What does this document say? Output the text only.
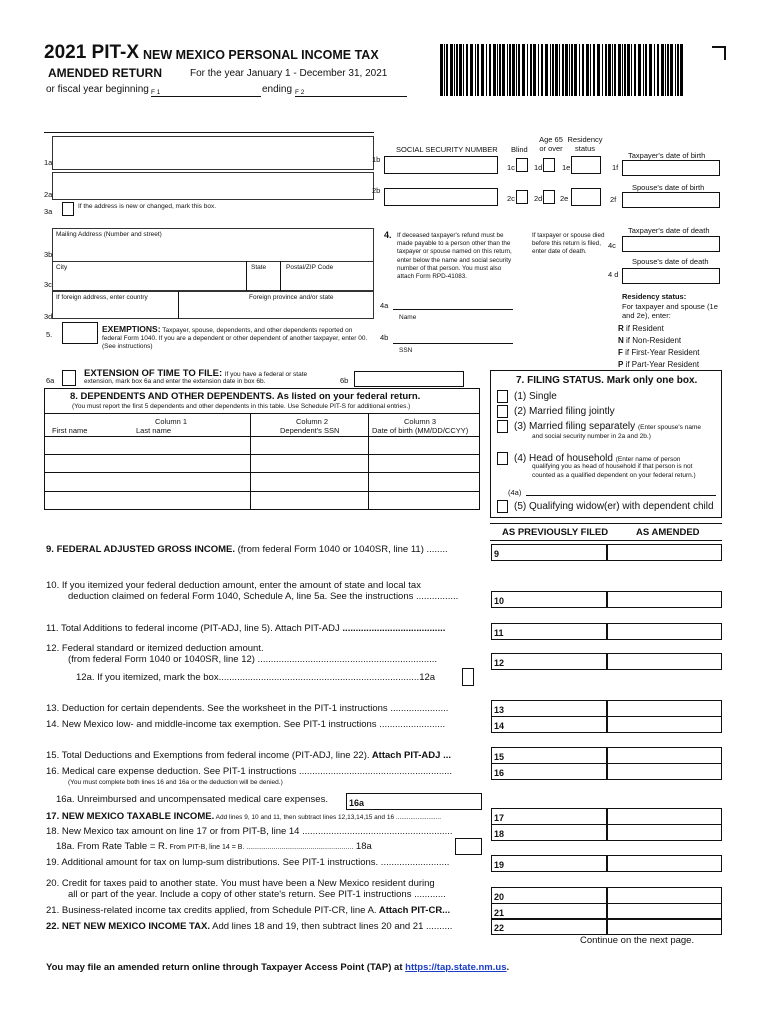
2021 PIT-X NEW MEXICO PERSONAL INCOME TAX
AMENDED RETURN	For the year January 1 - December 31, 2021
or fiscal year beginning F 1	ending F 2
1a	1b
SOCIAL SECURITY NUMBER Blind
Age 65 or over
Residency status
1c	1d	1e	1f
Taxpayer's date of birth
2a	2b
2c	2d 2e	2f
Spouse's date of birth
3a
If the address is new or changed, mark this box.
Mailing Address (Number and street)
3b
City	State	Postal/ZIP Code
3c
If foreign address, enter country	Foreign province and/or state
3d
5.
EXEMPTIONS: Taxpayer, spouse, dependents, and other dependents reported on federal Form 1040. If you are a dependent or other dependent of another taxpayer, enter 00. (See instructions)
4. If deceased taxpayer's refund must be made payable to a person other than the taxpayer or spouse named on this return, enter below the name and social security number of that person. You must also attach Form RPD-41083.
4a
Name
4b
SSN
If taxpayer or spouse died before this return is filed, enter date of death.
4c
Taxpayer's date of death
Spouse's date of death
4 d
Residency status:
For taxpayer and spouse (1e and 2e), enter:
R if Resident
N if Non-Resident
F if First-Year Resident
P if Part-Year Resident
6a
EXTENSION OF TIME TO FILE: If you have a federal or state
extension, mark box 6a and enter the extension date in box 6b.	6b
8. DEPENDENTS AND OTHER DEPENDENTS. As listed on your federal return.
(You must report the first 5 dependents and other dependents in this table. Use Schedule PIT-S for additional entries.)
Column 1
First name	Last name
Column 2
Dependent's SSN
Column 3
Date of birth (MM/DD/CCYY)
7. FILING STATUS. Mark only one box.
(1) Single
(2) Married filing jointly
(3) Married filing separately (Enter spouse's name
and social security number in 2a and 2b.)
(4) Head of household (Enter name of person
qualifying you as head of household if that person is not
counted as a qualified dependent on your federal return.)
(4a)
(5) Qualifying widow(er) with dependent child
AS PREVIOUSLY FILED	AS AMENDED
9. FEDERAL ADJUSTED GROSS INCOME. (from federal Form 1040 or 1040SR, line 11) ........	9
10. If you itemized your federal deduction amount, enter the amount of state and local tax
deduction claimed on federal Form 1040, Schedule A, line 5a. See the instructions ................	10
11. Total Additions to federal income (PIT-ADJ, line 5). Attach PIT-ADJ .......................................	11
12. Federal standard or itemized deduction amount.
(from federal Form 1040 or 1040SR, line 12) ....................................................................	12
12a. If you itemized, mark the box............................................................................12a
13. Deduction for certain dependents. See the worksheet in the PIT-1 instructions ......................	13
14. New Mexico low- and middle-income tax exemption. See PIT-1 instructions .........................	14
15. Total Deductions and Exemptions from federal income (PIT-ADJ, line 22). Attach PIT-ADJ ...	15
16. Medical care expense deduction. See PIT-1 instructions ..........................................................	16
(You must complete both lines 16 and 16a or the deduction will be denied.)
16a. Unreimbursed and uncompensated medical care expenses. 16a
17. NEW MEXICO TAXABLE INCOME. Add lines 9, 10 and 11, then subtract lines 12,13,14,15 and 16 .........................	17
18. New Mexico tax amount on line 17 or from PIT-B, line 14 .........................................................	18
18a. From Rate Table = R. From PIT-B, line 14 = B. ....................................................... 18a
19. Additional amount for tax on lump-sum distributions. See PIT-1 instructions. ..........................	19
20. Credit for taxes paid to another state. You must have been a New Mexico resident during
all or part of the year. Include a copy of other state's return. See PIT-1 instructions ............	20
21. Business-related income tax credits applied, from Schedule PIT-CR, line A. Attach PIT-CR...	21
22. NET NEW MEXICO INCOME TAX. Add lines 18 and 19, then subtract lines 20 and 21 ..........	22
Continue on the next page.
You may file an amended return online through Taxpayer Access Point (TAP) at https://tap.state.nm.us.
